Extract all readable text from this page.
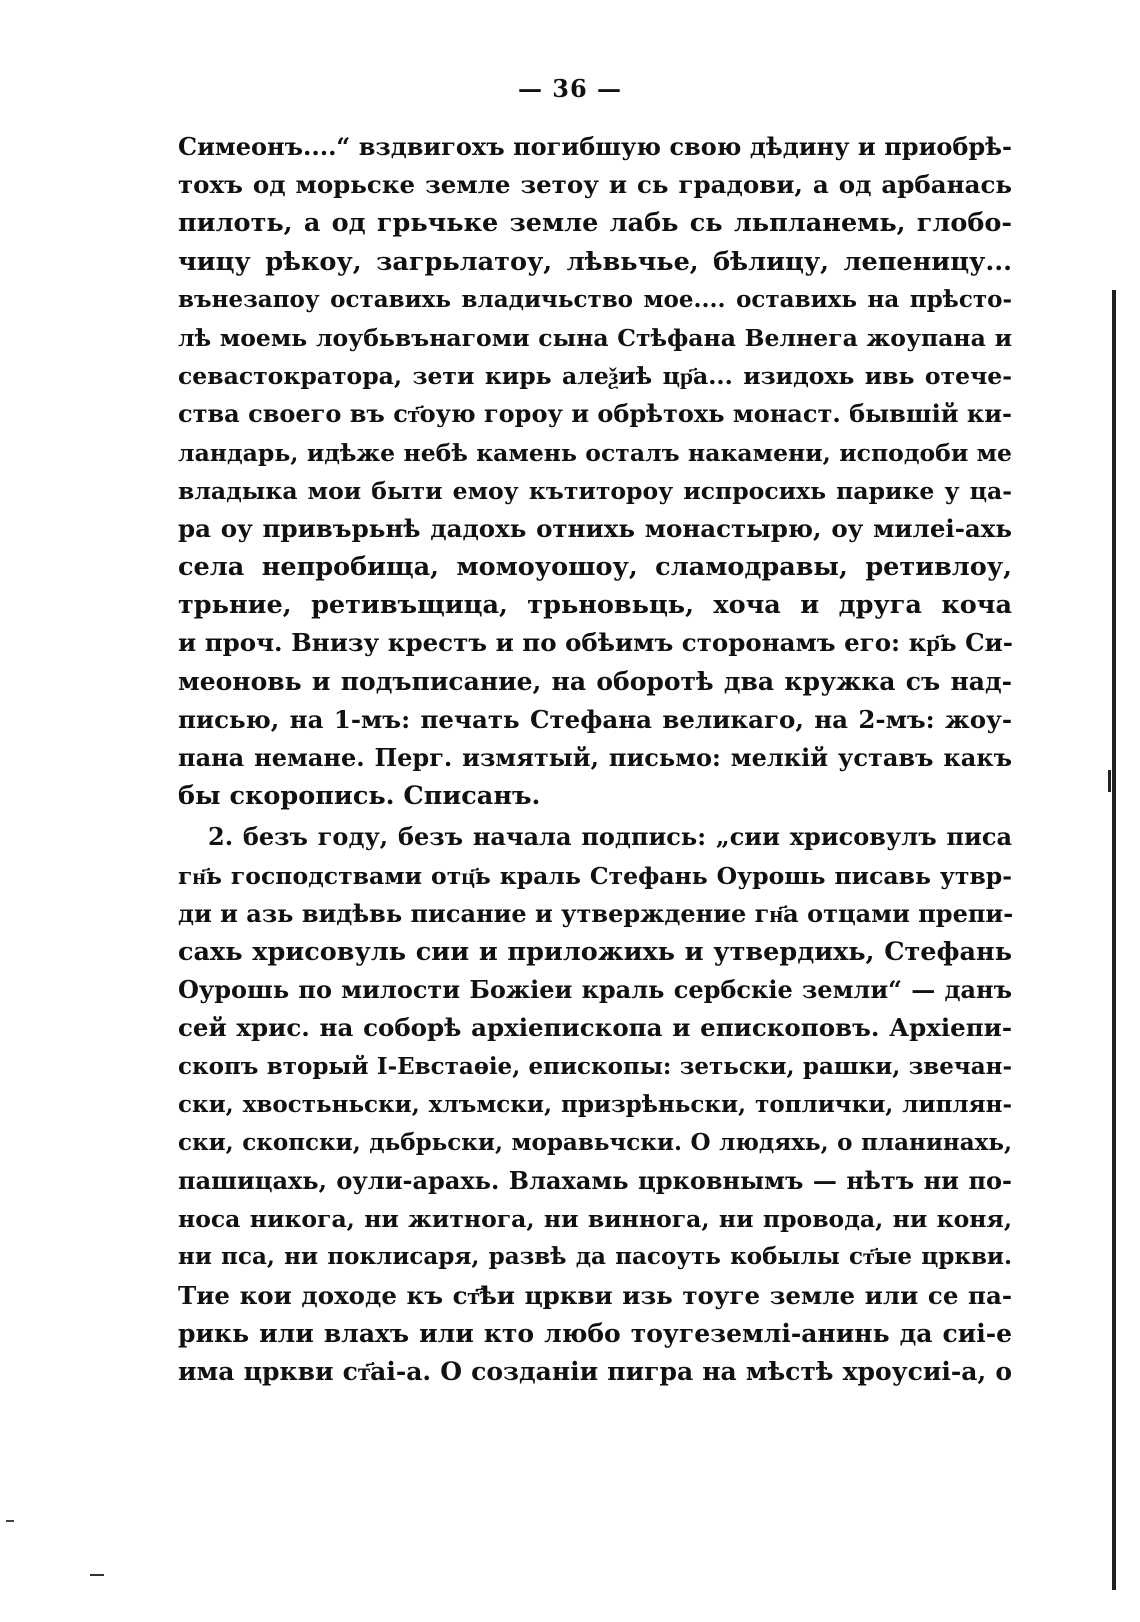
— 36 —
Симеонъ....“ вздвигохъ погибшую свою дѣдину и приобрѣ-
тохъ од морьске земле зетоу и сь градови, а од арбанась
пилоть, а од грьчьке земле лабь сь льпланемь, глобо-
чицу рѣкоу, загрьлатоу, лѣвьчье, бѣлицу, лепеницу...
вънезапоу оставихь владичьство мое.... оставихь на прѣсто-
лѣ моемь лоубьвънагоми сына Стѣфана Велнега жоупана и
севастократора, зети кирь алеѯиѣ цр҃а... изидохь ивь отече-
ства своего въ ст҃оую гороу и обрѣтохь монаст. бывшій ки-
ландарь, идѣже небѣ камень осталъ накамени, исподоби ме
владыка мои быти емоу кътитороу испросихь парике у ца-
ра оу привърьнѣ дадохь отнихь монастырю, оу милеі-ахь
села непробища, момоуошоу, сламодравы, ретивлоу,
трьние, ретивъщица, трьновьць, хоча и друга коча
и проч. Внизу крестъ и по обѣимъ сторонамъ его: кр҃ь Си-
меоновь и подъписание, на оборотѣ два кружка съ над-
писью, на 1-мъ: печать Стефана великаго, на 2-мъ: жоу-
пана немане. Перг. измятый, письмо: мелкій уставъ какъ
бы скоропись. Списанъ.
2. безъ году, безъ начала подпись: „сии хрисовулъ писа
гн҃ь господствами отц҃ь краль Стефань Оурошь писавь утвр-
ди и азь видѣвь писание и утверждение гн҃а отцами препи-
сахь хрисовуль сии и приложихь и утвердихь, Стефань
Оурошь по милости Божіеи краль сербскіе земли“ — данъ
сей хрис. на соборѣ архіепископа и епископовъ. Архіепи-
скопъ вторый I-Евстаѳіе, епископы: зетьски, рашки, звечан-
ски, хвостьньски, хлъмски, призрѣньски, топлички, липлян-
ски, скопски, дьбрьски, моравьчски. О людяхь, о планинахь,
пашицахь, оули-арахь. Влахамь црковнымъ — нѣтъ ни по-
носа никога, ни житнога, ни виннога, ни провода, ни коня,
ни пса, ни поклисаря, развѣ да пасоуть кобылы ст҃ые цркви.
Тие кои доходе къ ст҃ѣи цркви изь тоуге земле или се па-
рикь или влахъ или кто любо тоугеземлі-анинь да сиі-е
има цркви ст҃аі-а. О созданіи пигра на мѣстѣ хроусиі-а, о
